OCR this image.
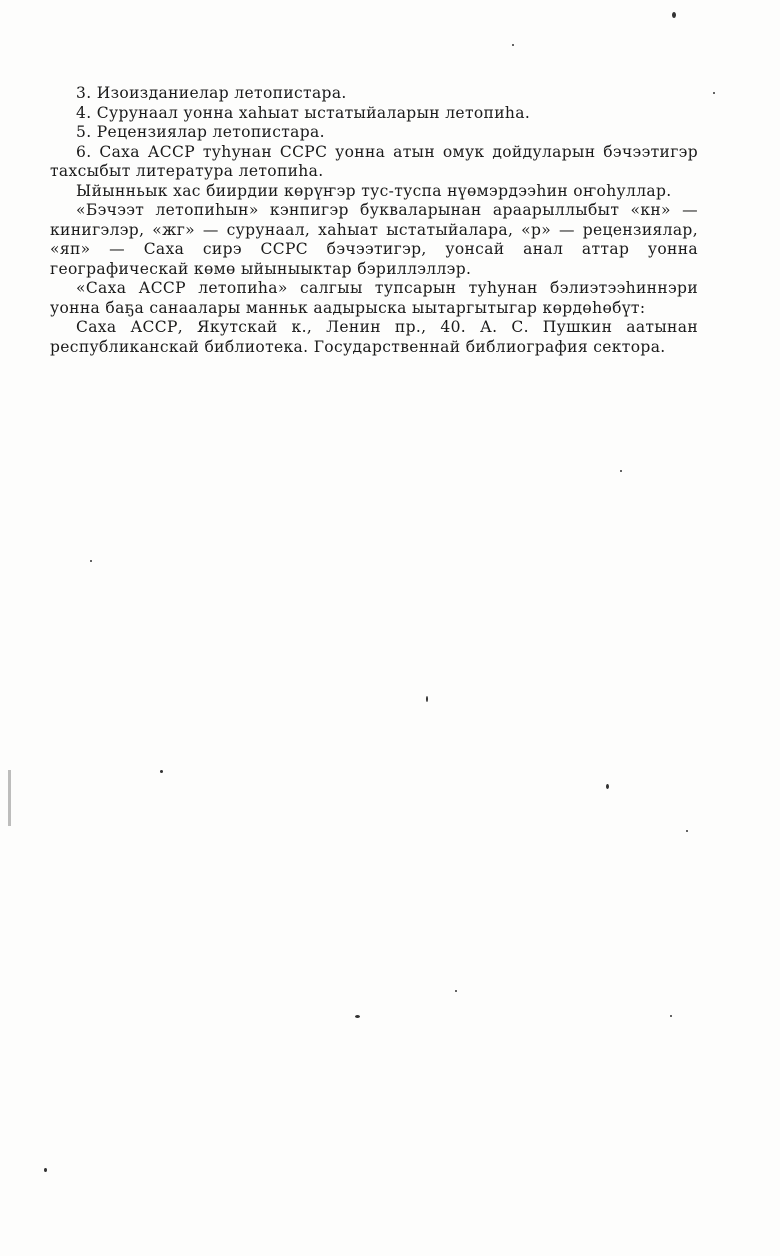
3. Изоизданиелар летопистара.
4. Сурунаал уонна хаһыат ыстатыйаларын летопиһа.
5. Рецензиялар летопистара.
6. Саха АССР туһунан ССРС уонна атын омук дойдуларын бэчээтигэр тахсыбыт литература летопиһа.
Ыйынньык хас биирдии көрүҥэр тус-туспа нүөмэрдээһин оҥоһуллар.
«Бэчээт летопиһын» кэнпигэр букваларынан араарыллыбыт «кн» — кинигэлэр, «жг» — сурунаал, хаһыат ыстатыйалара, «р» — рецензиялар, «яп» — Саха сирэ ССРС бэчээтигэр, уонсай анал аттар уонна географическай көмө ыйыныыктар бэриллэллэр.
«Саха АССР летопиһа» салгыы тупсарын туһунан бэлиэтээһиннэри уонна баҕа санаалары манньк аадырыска ыытаргытыгар көрдөһөбүт:
Саха АССР, Якутскай к., Ленин пр., 40. А. С. Пушкин аатынан республиканскай библиотека. Государственнай библиография сектора.
